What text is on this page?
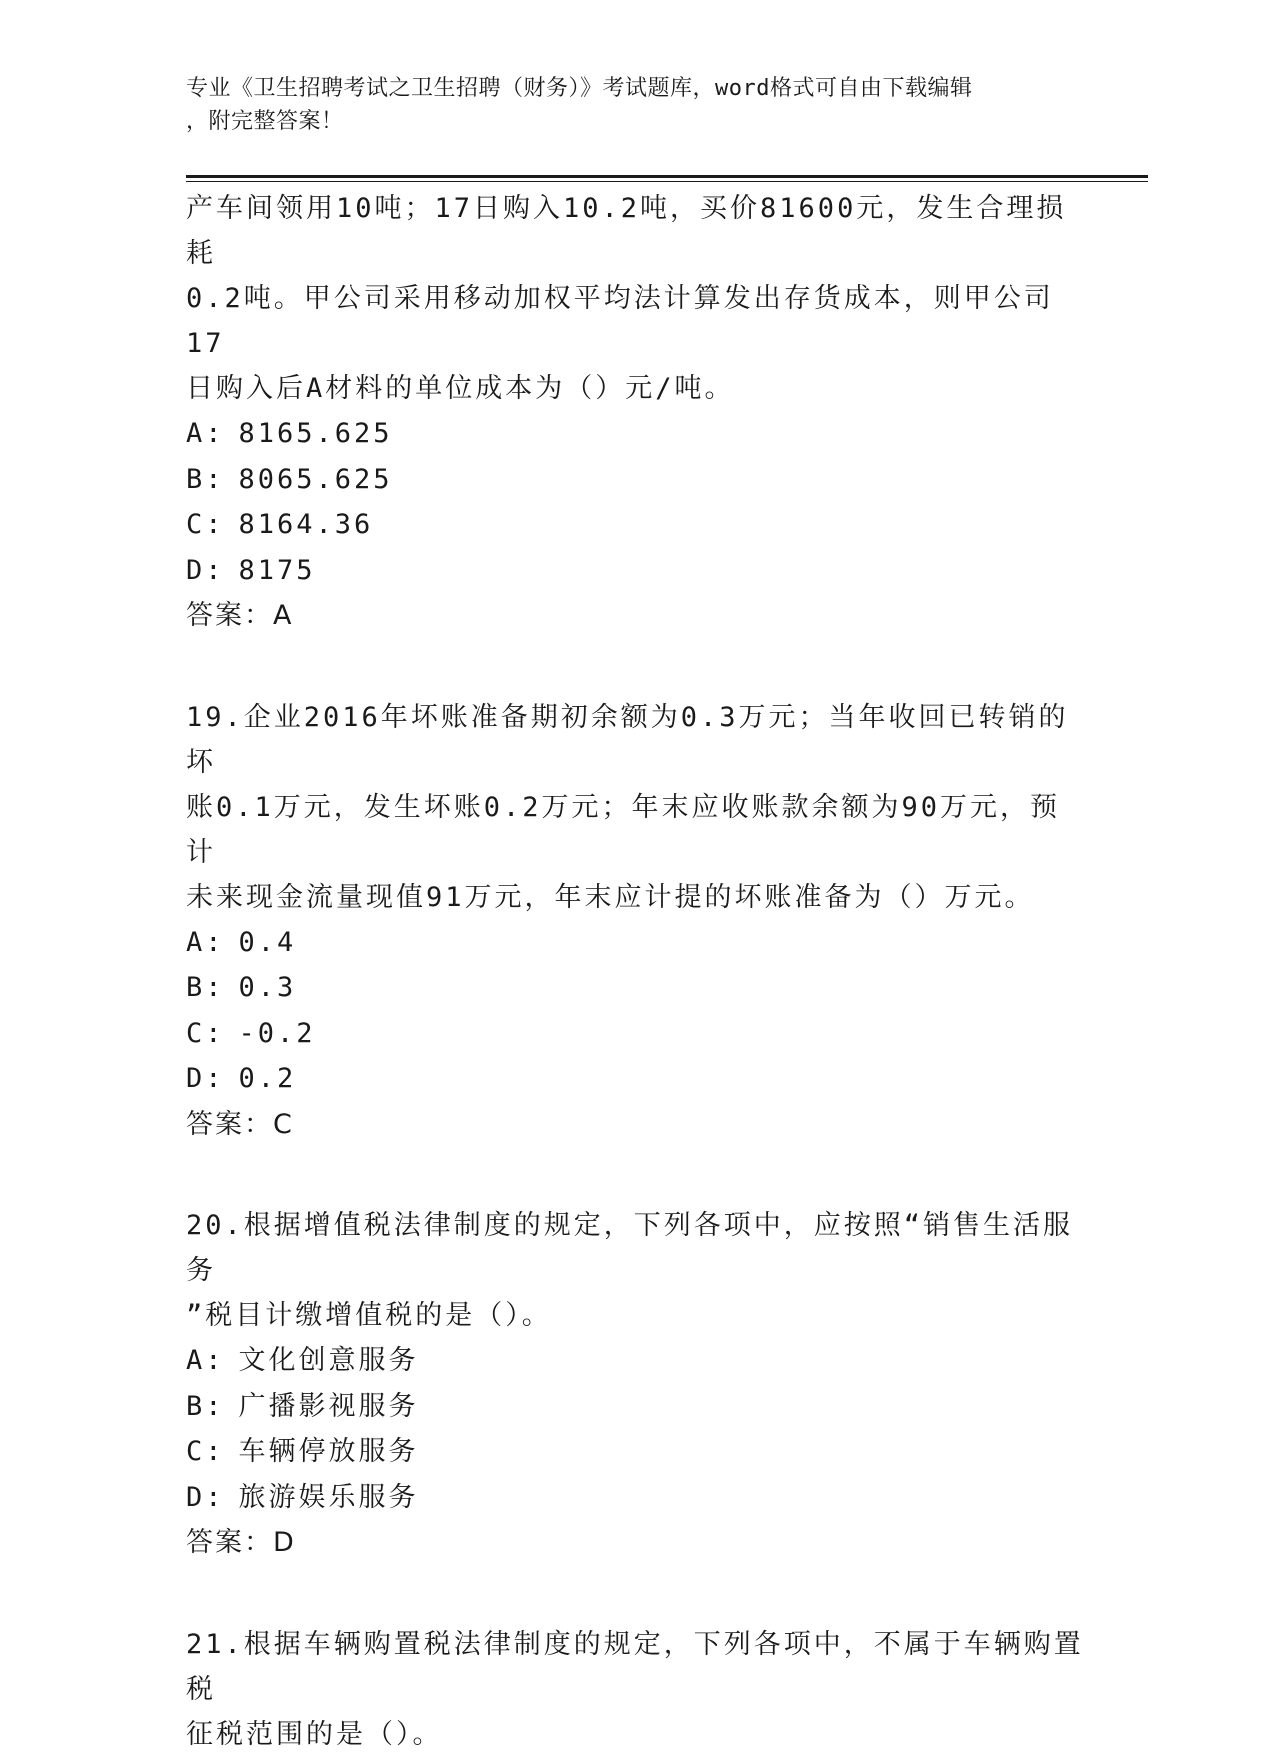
专业《卫生招聘考试之卫生招聘（财务）》考试题库，word格式可自由下载编辑
，附完整答案！

产车间领用10吨；17日购入10.2吨，买价81600元，发生合理损耗

0.2吨。甲公司采用移动加权平均法计算发出存货成本，则甲公司17

日购入后A材料的单位成本为（）元/吨。

A: 8165.625

B: 8065.625

C: 8164.36

D: 8175

答案：A

19.企业2016年坏账准备期初余额为0.3万元；当年收回已转销的坏

账0.1万元，发生坏账0.2万元；年末应收账款余额为90万元，预计

未来现金流量现值91万元，年末应计提的坏账准备为（）万元。

A: 0.4

B: 0.3

C: -0.2

D: 0.2

答案：C

20.根据增值税法律制度的规定，下列各项中，应按照“销售生活服务

”税目计缴增值税的是（）。

A: 文化创意服务

B: 广播影视服务

C: 车辆停放服务

D: 旅游娱乐服务

答案：D

21.根据车辆购置税法律制度的规定，下列各项中，不属于车辆购置税

征税范围的是（）。
